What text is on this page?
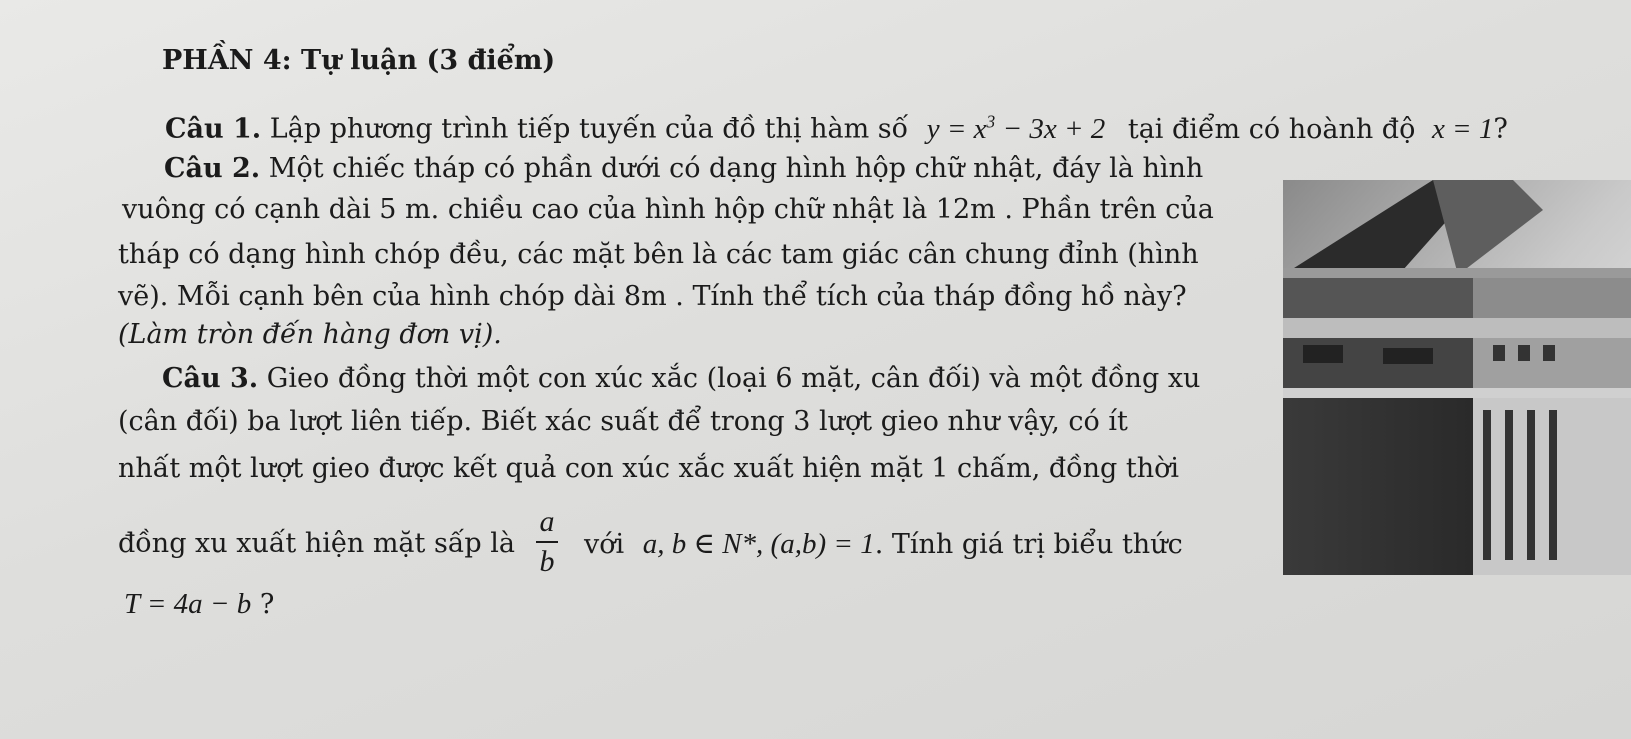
PHẦN 4: Tự luận (3 điểm)
Câu 1. Lập phương trình tiếp tuyến của đồ thị hàm số $y = x^3 - 3x + 2$ tại điểm có hoành độ x = 1?
Câu 2. Một chiếc tháp có phần dưới có dạng hình hộp chữ nhật, đáy là hình
vuông có cạnh dài 5 m. chiều cao của hình hộp chữ nhật là 12m . Phần trên của
tháp có dạng hình chóp đều, các mặt bên là các tam giác cân chung đỉnh (hình
vẽ). Mỗi cạnh bên của hình chóp dài 8m . Tính thể tích của tháp đồng hồ này?
(Làm tròn đến hàng đơn vị).
Câu 3. Gieo đồng thời một con xúc xắc (loại 6 mặt, cân đối) và một đồng xu
(cân đối) ba lượt liên tiếp. Biết xác suất để trong 3 lượt gieo như vậy, có ít
nhất một lượt gieo được kết quả con xúc xắc xuất hiện mặt 1 chấm, đồng thời
đồng xu xuất hiện mặt sấp là
a
b
với a, b ∈ N*, (a,b) = 1. Tính giá trị biểu thức
T = 4a − b ?
